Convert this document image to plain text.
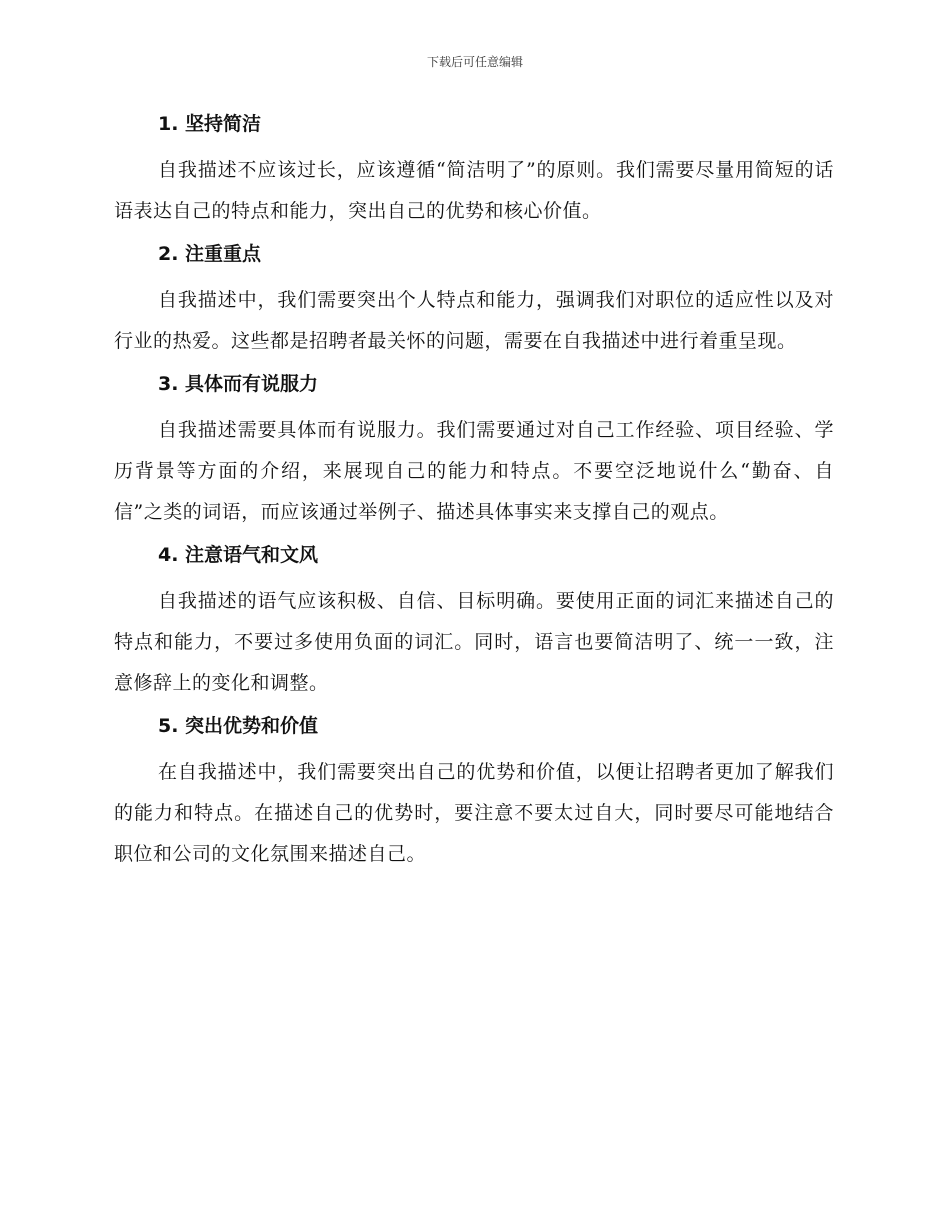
下载后可任意编辑
1. 坚持简洁

自我描述不应该过长，应该遵循“简洁明了”的原则。我们需要尽量用简短的话语表达自己的特点和能力，突出自己的优势和核心价值。

2. 注重重点

自我描述中，我们需要突出个人特点和能力，强调我们对职位的适应性以及对行业的热爱。这些都是招聘者最关怀的问题，需要在自我描述中进行着重呈现。

3. 具体而有说服力

自我描述需要具体而有说服力。我们需要通过对自己工作经验、项目经验、学历背景等方面的介绍，来展现自己的能力和特点。不要空泛地说什么“勤奋、自信”之类的词语，而应该通过举例子、描述具体事实来支撑自己的观点。

4. 注意语气和文风

自我描述的语气应该积极、自信、目标明确。要使用正面的词汇来描述自己的特点和能力，不要过多使用负面的词汇。同时，语言也要简洁明了、统一一致，注意修辞上的变化和调整。

5. 突出优势和价值

在自我描述中，我们需要突出自己的优势和价值，以便让招聘者更加了解我们的能力和特点。在描述自己的优势时，要注意不要太过自大，同时要尽可能地结合职位和公司的文化氛围来描述自己。
